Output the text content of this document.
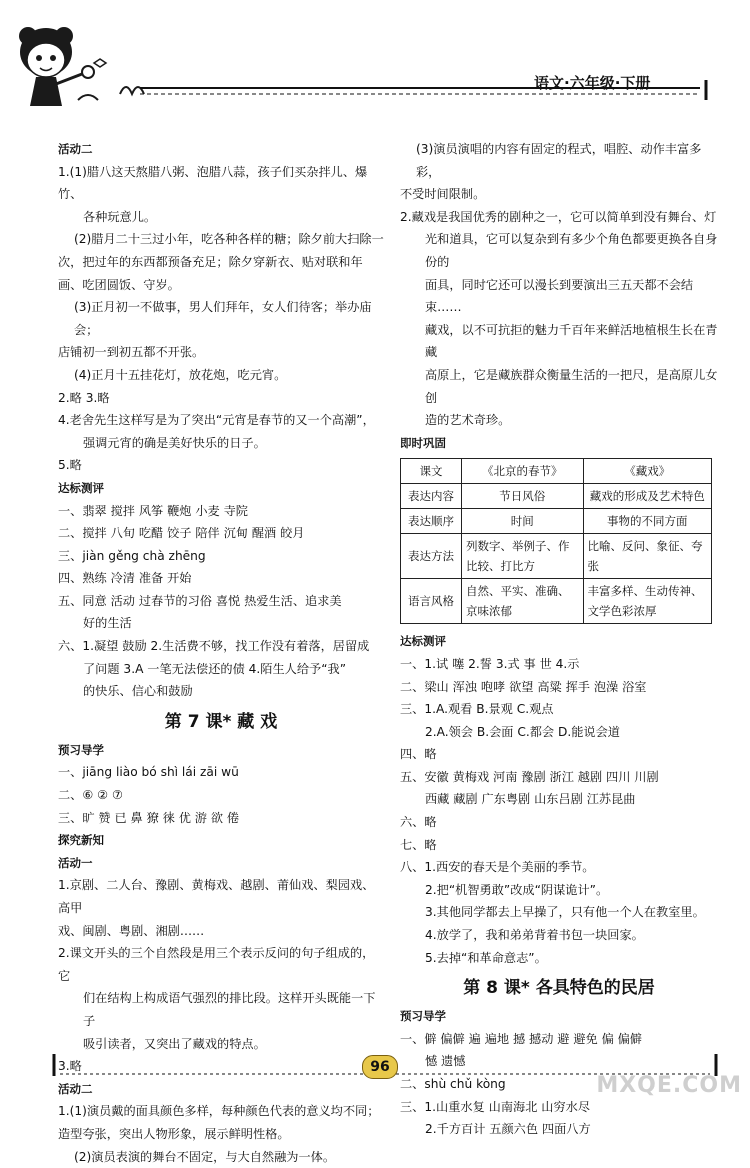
语文·六年级·下册

活动二

1.(1)腊八这天熬腊八粥、泡腊八蒜，孩子们买杂拌儿、爆竹、

各种玩意儿。

(2)腊月二十三过小年，吃各种各样的糖；除夕前大扫除一

次，把过年的东西都预备充足；除夕穿新衣、贴对联和年

画、吃团圆饭、守岁。

(3)正月初一不做事，男人们拜年，女人们待客；举办庙会；

店铺初一到初五都不开张。

(4)正月十五挂花灯，放花炮，吃元宵。

2.略 3.略

4.老舍先生这样写是为了突出“元宵是春节的又一个高潮”，

强调元宵的确是美好快乐的日子。

5.略

达标测评

一、翡翠 搅拌 风筝 鞭炮 小麦 寺院

二、搅拌 八旬 吃醋 饺子 陪伴 沉甸 醒酒 皎月

三、jiàn gěng chà zhēng

四、熟练 冷清 准备 开始

五、同意 活动 过春节的习俗 喜悦 热爱生活、追求美

好的生活

六、1.凝望 鼓励 2.生活费不够，找工作没有着落，居留成

了问题 3.A 一笔无法偿还的债 4.陌生人给予“我”

的快乐、信心和鼓励

第 7 课* 藏 戏

预习导学

一、jiāng liào bó shì lái zāi wū

二、⑥ ② ⑦

三、旷 赞 已 鼻 獠 徕 优 游 欲 倦

探究新知

活动一

1.京剧、二人台、豫剧、黄梅戏、越剧、莆仙戏、梨园戏、高甲

戏、闽剧、粤剧、湘剧……

2.课文开头的三个自然段是用三个表示反问的句子组成的，它

们在结构上构成语气强烈的排比段。这样开头既能一下子

吸引读者，又突出了藏戏的特点。

3.略

活动二

1.(1)演员戴的面具颜色多样，每种颜色代表的意义均不同；

造型夸张，突出人物形象，展示鲜明性格。

(2)演员表演的舞台不固定，与大自然融为一体。

(3)演员演唱的内容有固定的程式，唱腔、动作丰富多彩，

不受时间限制。

2.藏戏是我国优秀的剧种之一，它可以简单到没有舞台、灯

光和道具，它可以复杂到有多少个角色都要更换各自身份的

面具，同时它还可以漫长到要演出三五天都不会结束……

藏戏，以不可抗拒的魅力千百年来鲜活地植根生长在青藏

高原上，它是藏族群众衡量生活的一把尺，是高原儿女创

造的艺术奇珍。

即时巩固

课文	《北京的春节》	《藏戏》
表达内容	节日风俗	藏戏的形成及艺术特色
表达顺序	时间	事物的不同方面
表达方法	列数字、举例子、作比较、打比方	比喻、反问、象征、夸张
语言风格	自然、平实、准确、京味浓郁	丰富多样、生动传神、文学色彩浓厚

达标测评

一、1.试 噻 2.誓 3.式 事 世 4.示

二、梁山 浑浊 咆哮 欲望 高粱 挥手 泡澡 浴室

三、1.A.观看 B.景观 C.观点

2.A.领会 B.会面 C.都会 D.能说会道

四、略

五、安徽 黄梅戏 河南 豫剧 浙江 越剧 四川 川剧

西藏 藏剧 广东粤剧 山东吕剧 江苏昆曲

六、略

七、略

八、1.西安的春天是个美丽的季节。

2.把“机智勇敢”改成“阴谋诡计”。

3.其他同学都去上早操了，只有他一个人在教室里。

4.放学了，我和弟弟背着书包一块回家。

5.去掉“和革命意志”。

第 8 课* 各具特色的民居

预习导学

一、僻 偏僻 遍 遍地 撼 撼动 避 避免 偏 偏僻

憾 遗憾

二、shù chǔ kòng

三、1.山重水复 山南海北 山穷水尽

2.千方百计 五颜六色 四面八方

96
MXQE.COM
